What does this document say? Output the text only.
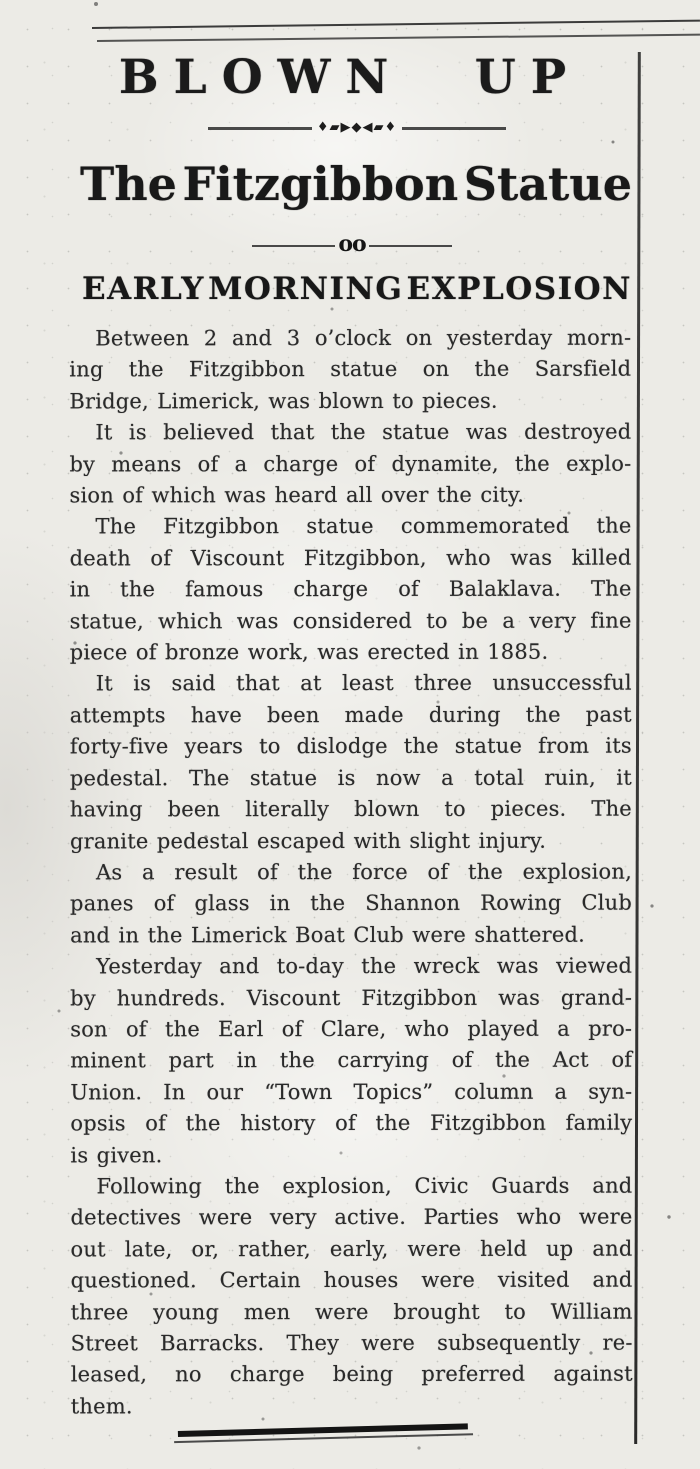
BLOWN UP
♦▰▶◆◀▰♦
The Fitzgibbon Statue
oo
EARLY MORNING EXPLOSION
Between 2 and 3 o’clock on yesterday morn-
ing the Fitzgibbon statue on the Sarsfield
Bridge, Limerick, was blown to pieces.
It is believed that the statue was destroyed
by means of a charge of dynamite, the explo-
sion of which was heard all over the city.
The Fitzgibbon statue commemorated the
death of Viscount Fitzgibbon, who was killed
in the famous charge of Balaklava. The
statue, which was considered to be a very fine
piece of bronze work, was erected in 1885.
It is said that at least three unsuccessful
attempts have been made during the past
forty-five years to dislodge the statue from its
pedestal. The statue is now a total ruin, it
having been literally blown to pieces. The
granite pedestal escaped with slight injury.
As a result of the force of the explosion,
panes of glass in the Shannon Rowing Club
and in the Limerick Boat Club were shattered.
Yesterday and to-day the wreck was viewed
by hundreds. Viscount Fitzgibbon was grand-
son of the Earl of Clare, who played a pro-
minent part in the carrying of the Act of
Union. In our “Town Topics” column a syn-
opsis of the history of the Fitzgibbon family
is given.
Following the explosion, Civic Guards and
detectives were very active. Parties who were
out late, or, rather, early, were held up and
questioned. Certain houses were visited and
three young men were brought to William
Street Barracks. They were subsequently re-
leased, no charge being preferred against
them.
